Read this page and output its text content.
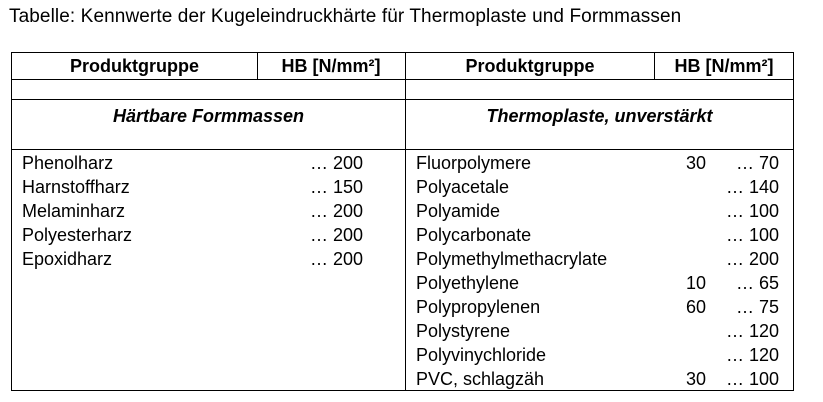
Tabelle: Kennwerte der Kugeleindruckhärte für Thermoplaste und Formmassen
Produktgruppe	HB [N/mm²]	Produktgruppe	HB [N/mm²]
Härtbare Formmassen	Thermoplaste, unverstärkt
Phenolharz	… 200
Harnstoffharz	… 150
Melaminharz	… 200
Polyesterharz	… 200
Epoxidharz	… 200
Fluorpolymere	30 … 70
Polyacetale	… 140
Polyamide	… 100
Polycarbonate	… 100
Polymethylmethacrylate	… 200
Polyethylene	10 … 65
Polypropylenen	60 … 75
Polystyrene	… 120
Polyvinychloride	… 120
PVC, schlagzäh	30 … 100
